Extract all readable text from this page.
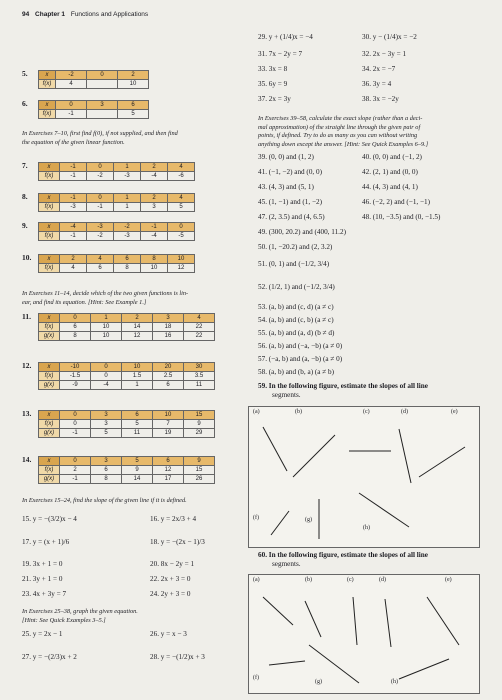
94 Chapter 1 Functions and Applications
5.	x	-2	0	2
f(x)	4		10
6.	x	0	3	6
f(x)	-1		5
7.	x	-1	0	1	2	4
f(x)	-1	-2	-3	-4	-6
8.	x	-1	0	1	2	4
f(x)	-3	-1	1	3	5
9.	x	-4	-3	-2	-1	0
f(x)	-1	-2	-3	-4	-5
10.	x	2	4	6	8	10
f(x)	4	6	8	10	12
11.	x	0	1	2	3	4
f(x)	6	10	14	18	22
g(x)	8	10	12	16	22
12.	x	-10	0	10	20	30
f(x)	-1.5	0	1.5	2.5	3.5
g(x)	-9	-4	1	6	11
13.	x	0	3	6	10	15
f(x)	0	3	5	7	9
g(x)	-1	5	11	19	29
14.	x	0	3	5	6	9
f(x)	2	6	9	12	15
g(x)	-1	8	14	17	26
In Exercises 7–10, first find f(0), if not supplied, and then find
the equation of the given linear function.
In Exercises 11–14, decide which of the two given functions is lin-
ear, and find its equation. [Hint: See Example 1.]
In Exercises 15–24, find the slope of the given line if it is defined.
15. y = −(3/2)x − 4	16. y = 2x/3 + 4
17. y = (x + 1)/6	18. y = −(2x − 1)/3
19. 3x + 1 = 0	20. 8x − 2y = 1
21. 3y + 1 = 0	22. 2x + 3 = 0
23. 4x + 3y = 7	24. 2y + 3 = 0
In Exercises 25–38, graph the given equation.
[Hint: See Quick Examples 3–5.]
25. y = 2x − 1	26. y = x − 3
27. y = −(2/3)x + 2	28. y = −(1/2)x + 3
29. y + (1/4)x = −4	30. y − (1/4)x = −2
31. 7x − 2y = 7	32. 2x − 3y = 1
33. 3x = 8	34. 2x = −7
35. 6y = 9	36. 3y = 4
37. 2x = 3y	38. 3x = −2y
In Exercises 39–58, calculate the exact slope (rather than a deci-
mal approximation) of the straight line through the given pair of
points, if defined. Try to do as many as you can without writing
anything down except the answer. [Hint: See Quick Examples 6–9.]
39. (0, 0) and (1, 2)	40. (0, 0) and (−1, 2)
41. (−1, −2) and (0, 0)	42. (2, 1) and (0, 0)
43. (4, 3) and (5, 1)	44. (4, 3) and (4, 1)
45. (1, −1) and (1, −2)	46. (−2, 2) and (−1, −1)
47. (2, 3.5) and (4, 6.5)	48. (10, −3.5) and (0, −1.5)
49. (300, 20.2) and (400, 11.2)
50. (1, −20.2) and (2, 3.2)
51. (0, 1) and (−1/2, 3/4)
52. (1/2, 1) and (−1/2, 3/4)
53. (a, b) and (c, d) (a ≠ c)
54. (a, b) and (c, b) (a ≠ c)
55. (a, b) and (a, d) (b ≠ d)
56. (a, b) and (−a, −b) (a ≠ 0)
57. (−a, b) and (a, −b) (a ≠ 0)
58. (a, b) and (b, a) (a ≠ b)
59. In the following figure, estimate the slopes of all line
segments.
(a)	(b)	(c)	(d)	(e)
(f)	(g)
(h)
60. In the following figure, estimate the slopes of all line
segments.
(a)	(b)	(c)	(d)	(e)
(f)
(g)	(h)
